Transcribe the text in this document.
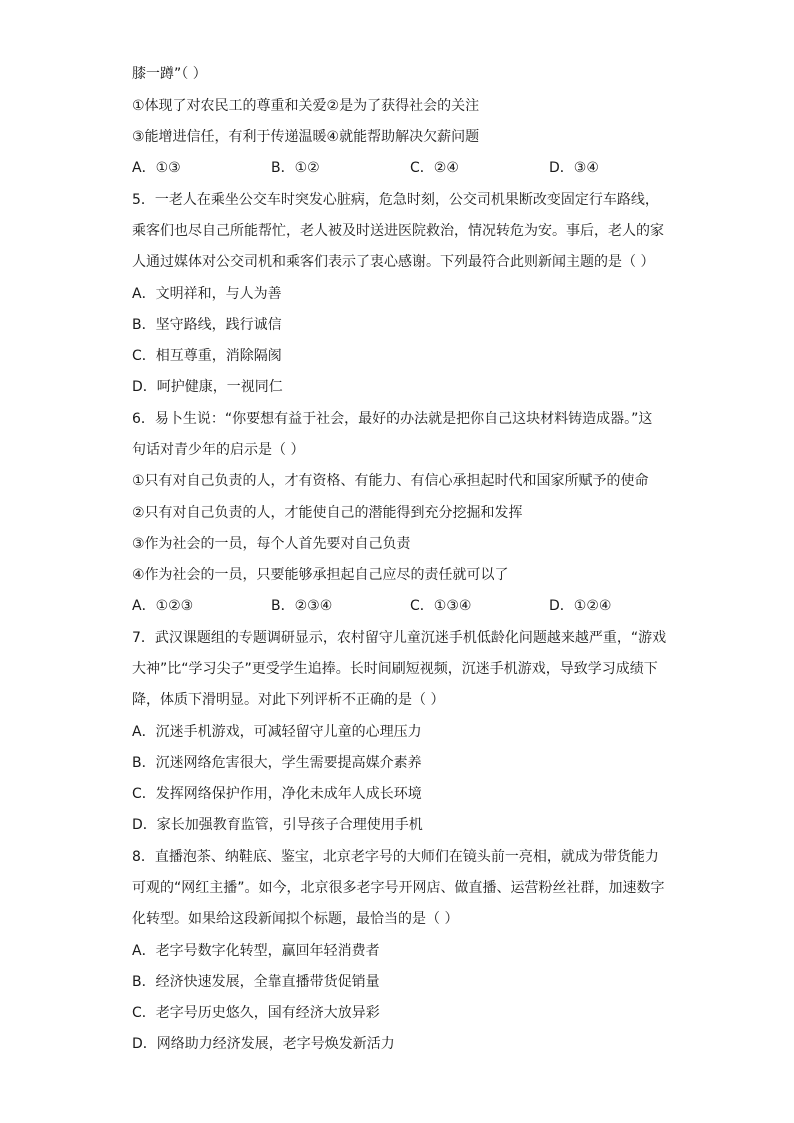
膝一蹲”（ ）
①体现了对农民工的尊重和关爱②是为了获得社会的关注
③能增进信任，有利于传递温暖④就能帮助解决欠薪问题
A．①③	B．①②	C．②④	D．③④
5．一老人在乘坐公交车时突发心脏病，危急时刻，公交司机果断改变固定行车路线，
乘客们也尽自己所能帮忙，老人被及时送进医院救治，情况转危为安。事后，老人的家
人通过媒体对公交司机和乘客们表示了衷心感谢。下列最符合此则新闻主题的是（ ）
A．文明祥和，与人为善
B．坚守路线，践行诚信
C．相互尊重，消除隔阂
D．呵护健康，一视同仁
6．易卜生说：“你要想有益于社会，最好的办法就是把你自己这块材料铸造成器。”这
句话对青少年的启示是（ ）
①只有对自己负责的人，才有资格、有能力、有信心承担起时代和国家所赋予的使命
②只有对自己负责的人，才能使自己的潜能得到充分挖掘和发挥
③作为社会的一员，每个人首先要对自己负责
④作为社会的一员，只要能够承担起自己应尽的责任就可以了
A．①②③	B．②③④	C．①③④	D．①②④
7．武汉课题组的专题调研显示，农村留守儿童沉迷手机低龄化问题越来越严重，“游戏
大神”比“学习尖子”更受学生追捧。长时间刷短视频，沉迷手机游戏，导致学习成绩下
降，体质下滑明显。对此下列评析不正确的是（ ）
A．沉迷手机游戏，可减轻留守儿童的心理压力
B．沉迷网络危害很大，学生需要提高媒介素养
C．发挥网络保护作用，净化未成年人成长环境
D．家长加强教育监管，引导孩子合理使用手机
8．直播泡茶、纳鞋底、鉴宝，北京老字号的大师们在镜头前一亮相，就成为带货能力
可观的“网红主播”。如今，北京很多老字号开网店、做直播、运营粉丝社群，加速数字
化转型。如果给这段新闻拟个标题，最恰当的是（ ）
A．老字号数字化转型，赢回年轻消费者
B．经济快速发展，全靠直播带货促销量
C．老字号历史悠久，国有经济大放异彩
D．网络助力经济发展，老字号焕发新活力
